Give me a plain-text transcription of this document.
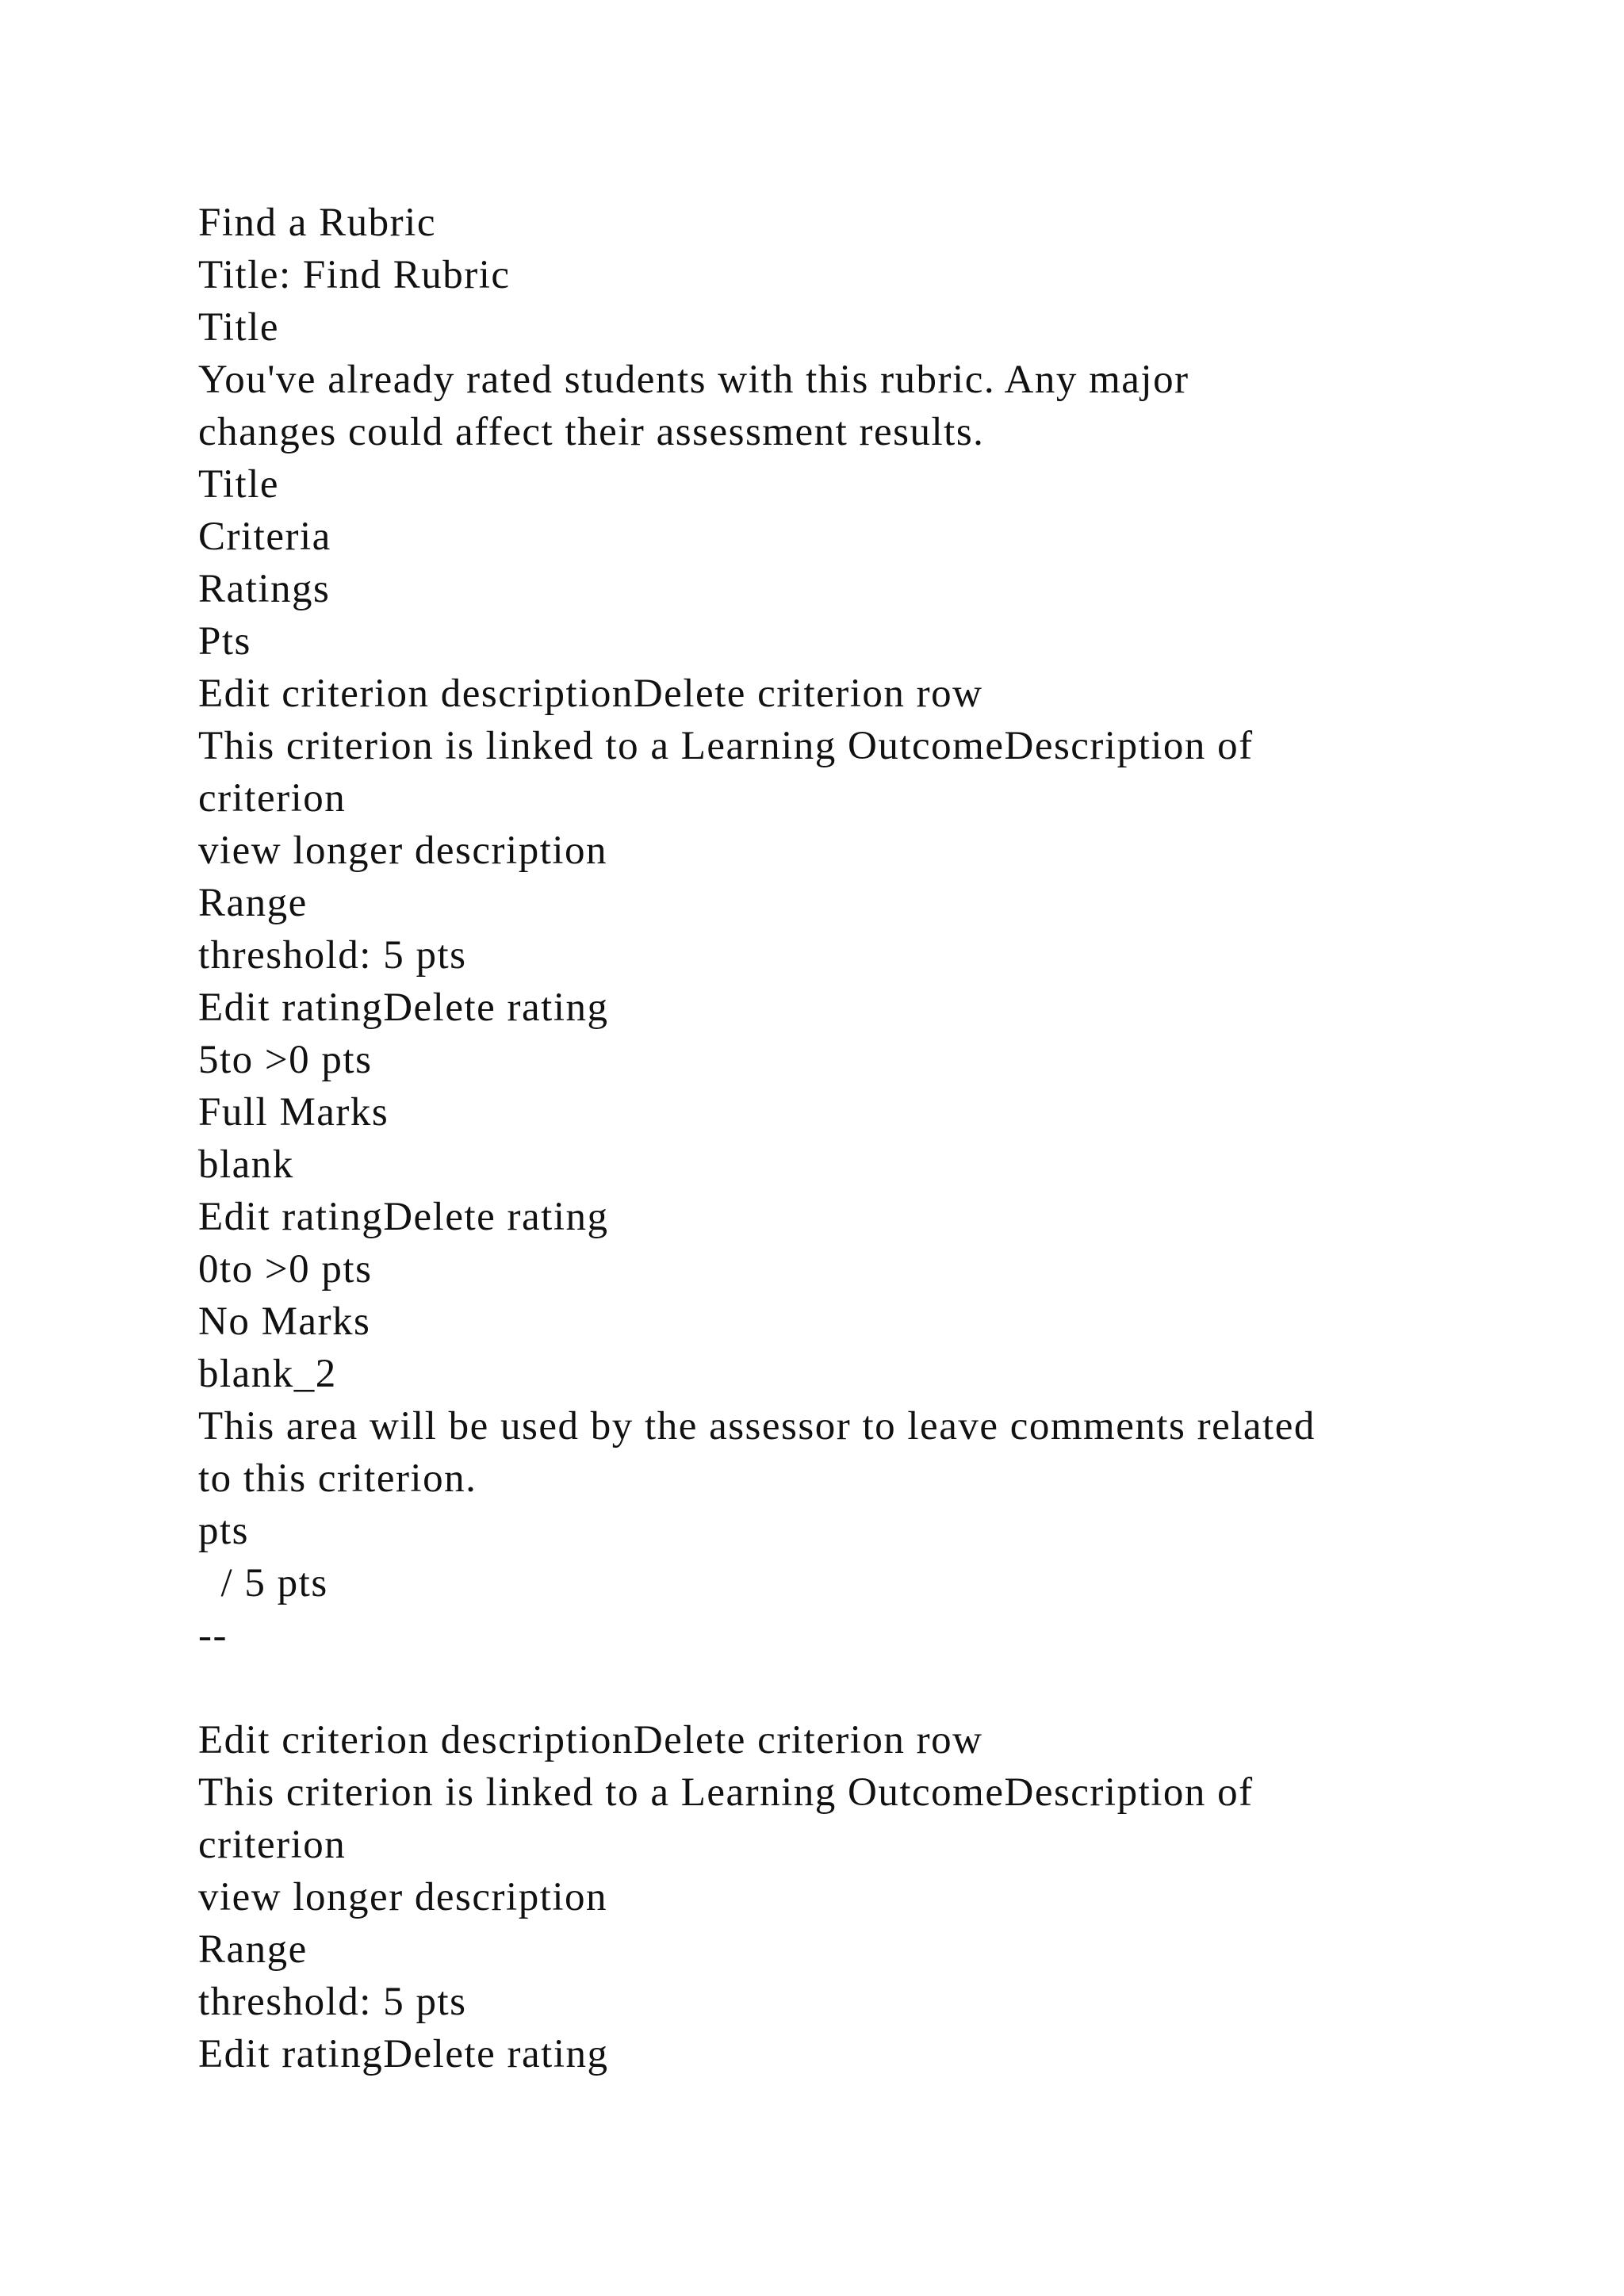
Find a Rubric
Title: Find Rubric
Title
You've already rated students with this rubric. Any major
changes could affect their assessment results.
Title
Criteria
Ratings
Pts
Edit criterion descriptionDelete criterion row
This criterion is linked to a Learning OutcomeDescription of
criterion
view longer description
Range
threshold: 5 pts
Edit ratingDelete rating
5to >0 pts
Full Marks
blank
Edit ratingDelete rating
0to >0 pts
No Marks
blank_2
This area will be used by the assessor to leave comments related
to this criterion.
pts
/ 5 pts
--
Edit criterion descriptionDelete criterion row
This criterion is linked to a Learning OutcomeDescription of
criterion
view longer description
Range
threshold: 5 pts
Edit ratingDelete rating
